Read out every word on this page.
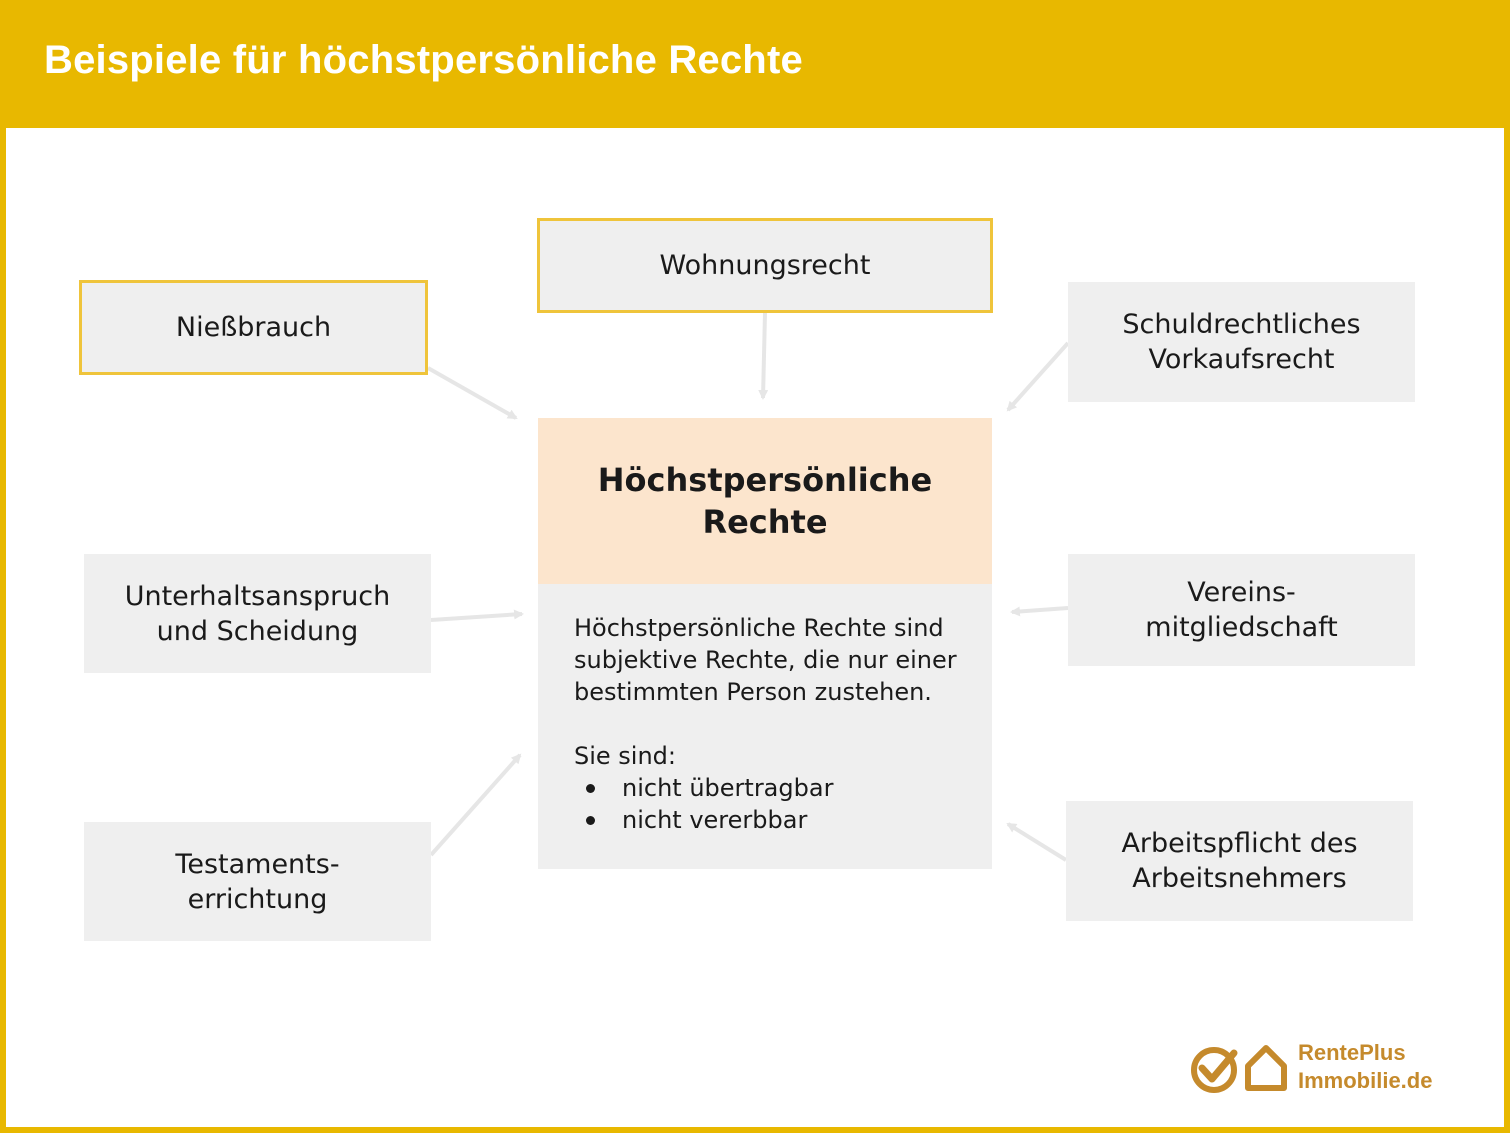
Beispiele für höchstpersönliche Rechte
Nießbrauch
Wohnungsrecht
Schuldrechtliches
Vorkaufsrecht
Unterhaltsanspruch
und Scheidung
Vereins-
mitgliedschaft
Testaments-
errichtung
Arbeitspflicht des
Arbeitsnehmers
Höchstpersönliche
Rechte
Höchstpersönliche Rechte sind subjektive Rechte, die nur einer bestimmten Person zustehen.
Sie sind:
nicht übertragbar
nicht vererbbar
RentePlus
Immobilie.de
